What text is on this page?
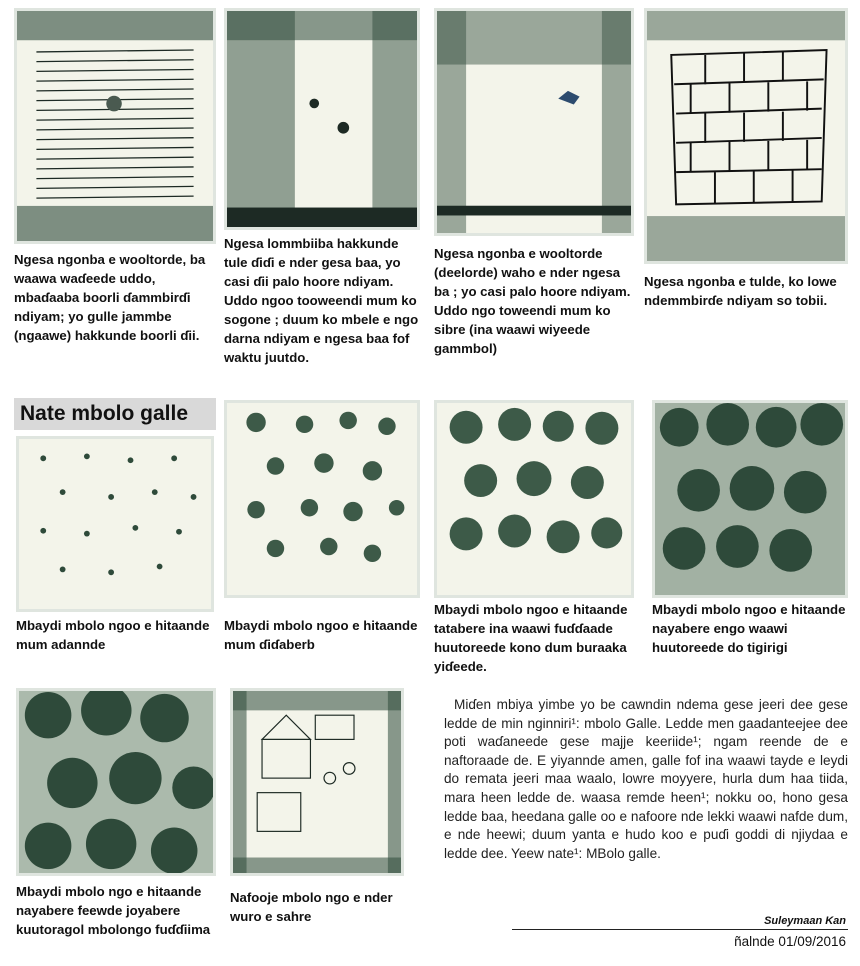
Ngesa ngonba e wooltorde, ba waawa waɗeede uddo, mbaɗaaba boorli ɗammbirɗi ndiyam; yo gulle jammbe (ngaawe) hakkunde boorli ɗii.
Ngesa lommbiiba hakkunde tule ɗiɗi e nder gesa baa, yo casi ɗii palo hoore ndiyam. Uddo ngoo tooweendi mum ko sogone ; duum ko mbele e ngo darna ndiyam e ngesa baa fof waktu juutdo.
Ngesa ngonba e wooltorde (deelorde) waho e nder ngesa ba ; yo casi palo hoore ndiyam. Uddo ngo toweendi mum ko sibre (ina waawi wiyeede gammbol)
Ngesa ngonba e tulde, ko lowe ndemmbirɗe ndiyam so tobii.
Nate mbolo galle
Mbaydi mbolo ngoo e hitaande mum adannde
Mbaydi mbolo ngoo e hitaande mum ɗiɗaberb
Mbaydi mbolo ngoo e hitaande tatabere ina waawi fuɗɗaade huutoreede kono dum buraaka yiɗeede.
Mbaydi mbolo ngoo e hitaande nayabere engo waawi huutoreede do tigirigi
Mbaydi mbolo ngo e hitaande nayabere feewde joyabere kuutoragol mbolongo fuɗɗiima
Nafooje mbolo ngo e nder wuro e sahre
Miɗen mbiya yimbe yo be cawndin ndema gese jeeri dee gese ledde de min nginniri¹: mbolo Galle. Ledde men gaadanteejee dee poti waɗaneede gese majje keeriide¹; ngam reende de e naftoraade de. E yiyannde amen, galle fof ina waawi tayde e leydi do remata jeeri maa waalo, lowre moyyere, hurla dum haa tiida, mara heen ledde de. waasa remde heen¹; nokku oo, hono gesa ledde baa, heedana galle oo e nafoore nde lekki waawi nafde dum, e nde heewi; duum yanta e hudo koo e puɗi goddi di njiydaa e ledde dee. Yeew nate¹: MBolo galle.
Suleymaan Kan
ñalnde 01/09/2016
